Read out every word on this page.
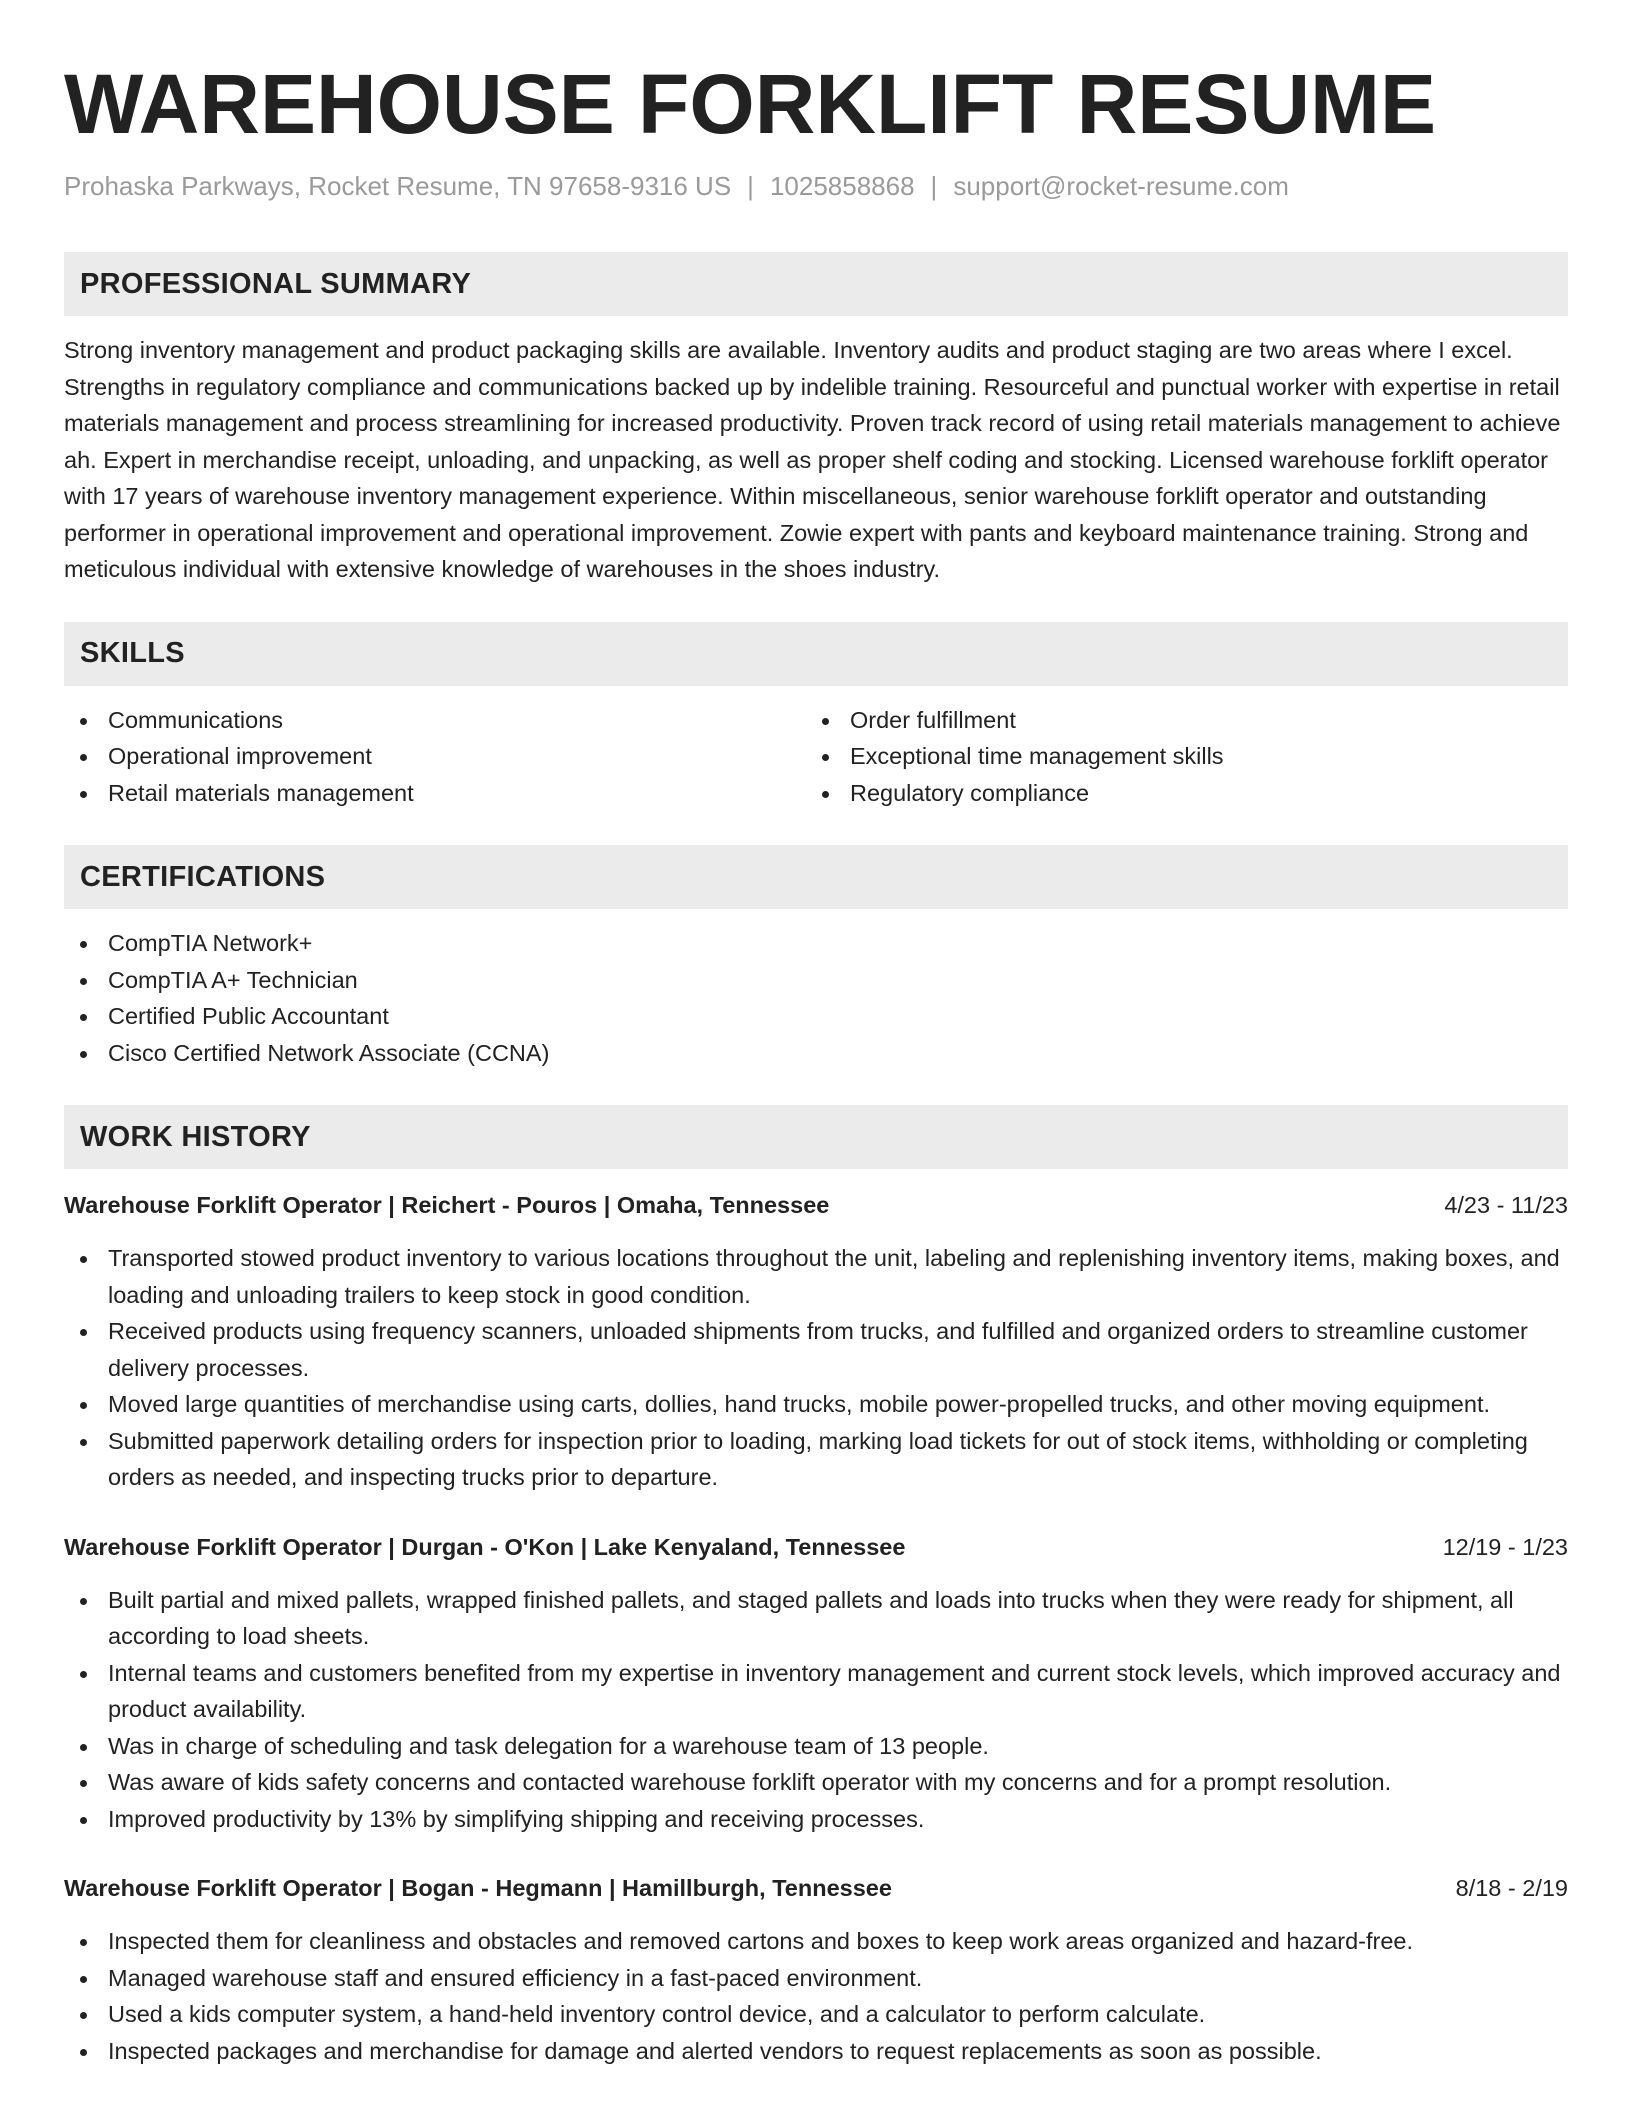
WAREHOUSE FORKLIFT RESUME
Prohaska Parkways, Rocket Resume, TN 97658-9316 US | 1025858868 | support@rocket-resume.com
PROFESSIONAL SUMMARY
Strong inventory management and product packaging skills are available. Inventory audits and product staging are two areas where I excel. Strengths in regulatory compliance and communications backed up by indelible training. Resourceful and punctual worker with expertise in retail materials management and process streamlining for increased productivity. Proven track record of using retail materials management to achieve ah. Expert in merchandise receipt, unloading, and unpacking, as well as proper shelf coding and stocking. Licensed warehouse forklift operator with 17 years of warehouse inventory management experience. Within miscellaneous, senior warehouse forklift operator and outstanding performer in operational improvement and operational improvement. Zowie expert with pants and keyboard maintenance training. Strong and meticulous individual with extensive knowledge of warehouses in the shoes industry.
SKILLS
Communications
Operational improvement
Retail materials management
Order fulfillment
Exceptional time management skills
Regulatory compliance
CERTIFICATIONS
CompTIA Network+
CompTIA A+ Technician
Certified Public Accountant
Cisco Certified Network Associate (CCNA)
WORK HISTORY
Warehouse Forklift Operator | Reichert - Pouros | Omaha, Tennessee	4/23 - 11/23
Transported stowed product inventory to various locations throughout the unit, labeling and replenishing inventory items, making boxes, and loading and unloading trailers to keep stock in good condition.
Received products using frequency scanners, unloaded shipments from trucks, and fulfilled and organized orders to streamline customer delivery processes.
Moved large quantities of merchandise using carts, dollies, hand trucks, mobile power-propelled trucks, and other moving equipment.
Submitted paperwork detailing orders for inspection prior to loading, marking load tickets for out of stock items, withholding or completing orders as needed, and inspecting trucks prior to departure.
Warehouse Forklift Operator | Durgan - O'Kon | Lake Kenyaland, Tennessee	12/19 - 1/23
Built partial and mixed pallets, wrapped finished pallets, and staged pallets and loads into trucks when they were ready for shipment, all according to load sheets.
Internal teams and customers benefited from my expertise in inventory management and current stock levels, which improved accuracy and product availability.
Was in charge of scheduling and task delegation for a warehouse team of 13 people.
Was aware of kids safety concerns and contacted warehouse forklift operator with my concerns and for a prompt resolution.
Improved productivity by 13% by simplifying shipping and receiving processes.
Warehouse Forklift Operator | Bogan - Hegmann | Hamillburgh, Tennessee	8/18 - 2/19
Inspected them for cleanliness and obstacles and removed cartons and boxes to keep work areas organized and hazard-free.
Managed warehouse staff and ensured efficiency in a fast-paced environment.
Used a kids computer system, a hand-held inventory control device, and a calculator to perform calculate.
Inspected packages and merchandise for damage and alerted vendors to request replacements as soon as possible.
